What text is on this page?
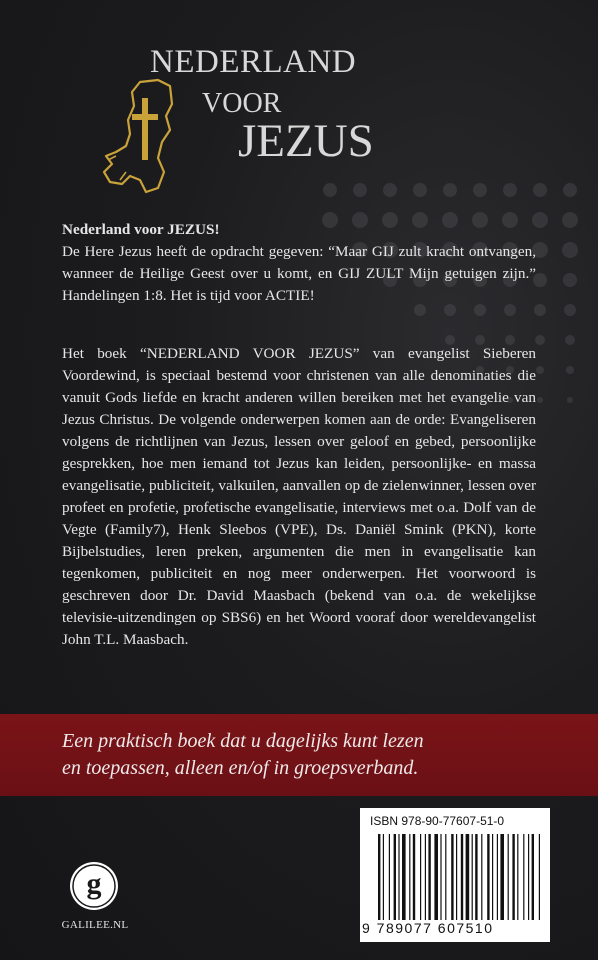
NEDERLAND
VOOR
JEZUS
Nederland voor JEZUS!
De Here Jezus heeft de opdracht gegeven: “Maar GIJ zult kracht ontvangen, wanneer de Heilige Geest over u komt, en GIJ ZULT Mijn getuigen zijn.” Handelingen 1:8. Het is tijd voor ACTIE!
Het boek “NEDERLAND VOOR JEZUS” van evangelist Sieberen Voordewind, is speciaal bestemd voor christenen van alle denominaties die vanuit Gods liefde en kracht anderen willen bereiken met het evangelie van Jezus Christus. De volgende onderwerpen komen aan de orde: Evangeliseren volgens de richtlijnen van Jezus, lessen over geloof en gebed, persoonlijke gesprekken, hoe men iemand tot Jezus kan leiden, persoonlijke- en massa evangelisatie, publiciteit, valkuilen, aanvallen op de zielenwinner, lessen over profeet en profetie, profetische evangelisatie, interviews met o.a. Dolf van de Vegte (Family7), Henk Sleebos (VPE), Ds. Daniël Smink (PKN), korte Bijbelstudies, leren preken, argumenten die men in evangelisatie kan tegenkomen, publiciteit en nog meer onderwerpen. Het voorwoord is geschreven door Dr. David Maasbach (bekend van o.a. de wekelijkse televisie-uitzendingen op SBS6) en het Woord vooraf door wereldevangelist John T.L. Maasbach.
Een praktisch boek dat u dagelijks kunt lezen
en toepassen, alleen en/of in groepsverband.
g
GALILEE.NL
ISBN 978-90-77607-51-0
9 789077 607510
